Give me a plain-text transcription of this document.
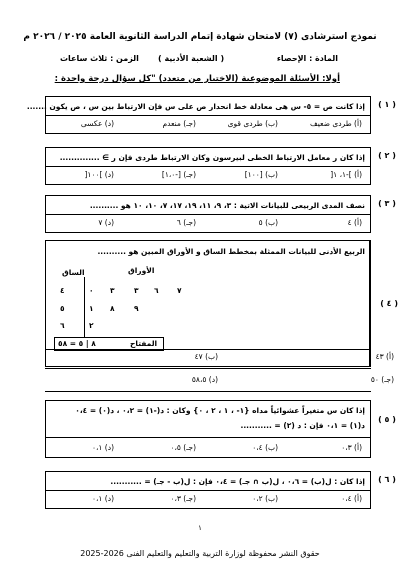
نموذج استرشادى (٧) لامتحان شهادة إتمام الدراسة الثانوية العامة ٢٠٢٥ / ٢٠٢٦ م
المادة : الإحصاء
( الشعبة الأدبية )
الزمن : ثلاث ساعات
أولا: الأسئلة الموضوعية (الاختيار من متعدد) "كل سؤال درجة واحدة :
( ١ )
إذا كانت ص = ٥- س هى معادلة خط انحدار ص على س فإن الارتباط بين س ، ص يكون .......
(أ) طردى ضعيف
(ب) طردى قوى
(جـ) منعدم
(د) عكسى
( ٢ )
إذا كان ر معامل الارتباط الخطى لبيرسون وكان الارتباط طردى فإن ر ∋ ..............
(أ) ]-١، ١[
(ب) [١٠٠]
(جـ) [-١،٠]
(د) ]١٠٠[
( ٣ )
نصف المدى الربيعى للبيانات الاتية : ٣، ٩، ١١، ١٩، ١٧، ٧، ١٠، ١٠ هو ..........
(أ) ٤
(ب) ٥
(جـ) ٦
(د) ٧
( ٤ )
الربيع الأدنى للبيانات الممثلة بمخطط الساق و الأوراق المبين هو ..........
الأوراق
الساق
٤	٠ ٣	٣ ٦ ٧
٥	١ ٨	٩
٦	٢
٨ | ٥ = ٥٨	المفتاح
(أ) ٤٣
(ب) ٤٧
(جـ) ٥٠
(د) ٥٨،٥
( ٥ )
إذا كان س متغيراً عشوائياً مداه {١- ، ١ ، ٢ ، ٠} وكان : د(-١) = ٠،٢ ، د(٠) = ٠،٤
د(١) = ٠،١ فإن : د (٢) = ...........
(أ) ٠،٣
(ب) ٠،٤
(جـ) ٠،٥
(د) ٠،١
( ٦ )
إذا كان : ل(ب) = ٠،٦ ، ل(ب ∩ جـ) = ٠،٤ فإن : ل(ب - جـ) = ...........
(أ) ٠،٤
(ب) ٠،٢
(جـ) ٠،٣
(د) ٠،١
١
حقوق النشر محفوظة لوزارة التربية والتعليم والتعليم الفنى 2026-2025
